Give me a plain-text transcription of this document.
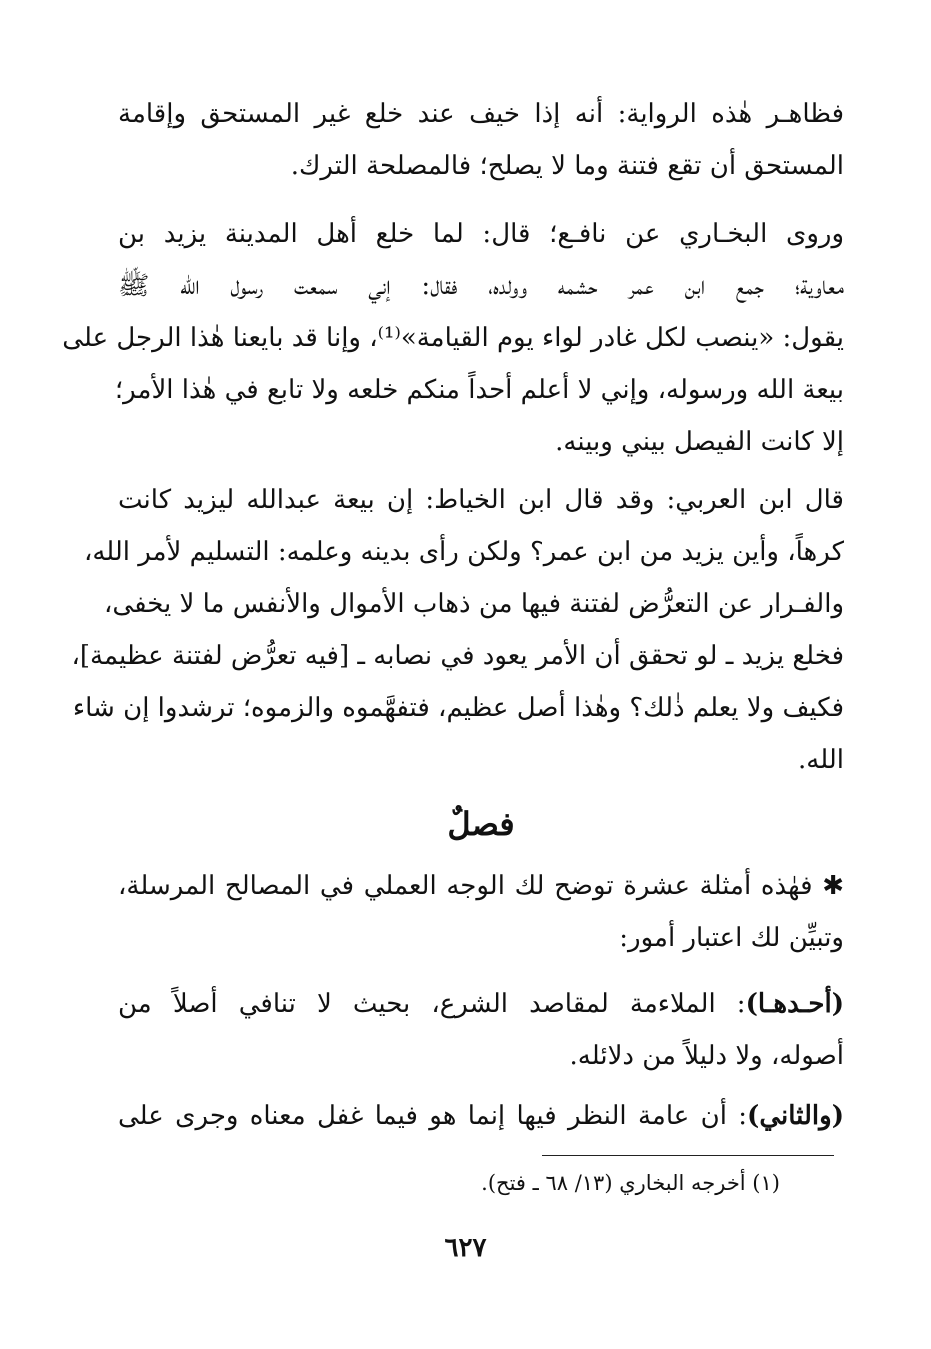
فظاهـر هٰذه الرواية: أنه إذا خيف عند خلع غير المستحق وإقامة
المستحق أن تقع فتنة وما لا يصلح؛ فالمصلحة الترك.
وروى البخـاري عن نافـع؛ قال: لما خلع أهل المدينة يزيد بن
معاوية؛ جمع ابن عمر حشمه وولده، فقال: إني سمعت رسول الله ﷺ
يقول: «ينصب لكل غادر لواء يوم القيامة»⁽¹⁾، وإنا قد بايعنا هٰذا الرجل على
بيعة الله ورسوله، وإني لا أعلم أحداً منكم خلعه ولا تابع في هٰذا الأمر؛
إلا كانت الفيصل بيني وبينه.
قال ابن العربي: وقد قال ابن الخياط: إن بيعة عبدالله ليزيد كانت
كرهاً، وأين يزيد من ابن عمر؟ ولكن رأى بدينه وعلمه: التسليم لأمر الله،
والفـرار عن التعرُّض لفتنة فيها من ذهاب الأموال والأنفس ما لا يخفى،
فخلع يزيد ـ لو تحقق أن الأمر يعود في نصابه ـ [فيه تعرُّض لفتنة عظيمة]،
فكيف ولا يعلم ذٰلك؟ وهٰذا أصل عظيم، فتفهَّموه والزموه؛ ترشدوا إن شاء
الله.
فصلٌ
✱ فهٰذه أمثلة عشرة توضح لك الوجه العملي في المصالح المرسلة،
وتبيِّن لك اعتبار أمور:
(أحـدهـا): الملاءمة لمقاصد الشرع، بحيث لا تنافي أصلاً من
أصوله، ولا دليلاً من دلائله.
(والثاني): أن عامة النظر فيها إنما هو فيما غفل معناه وجرى على
(١) أخرجه البخاري (١٣/ ٦٨ ـ فتح).
٦٢٧
